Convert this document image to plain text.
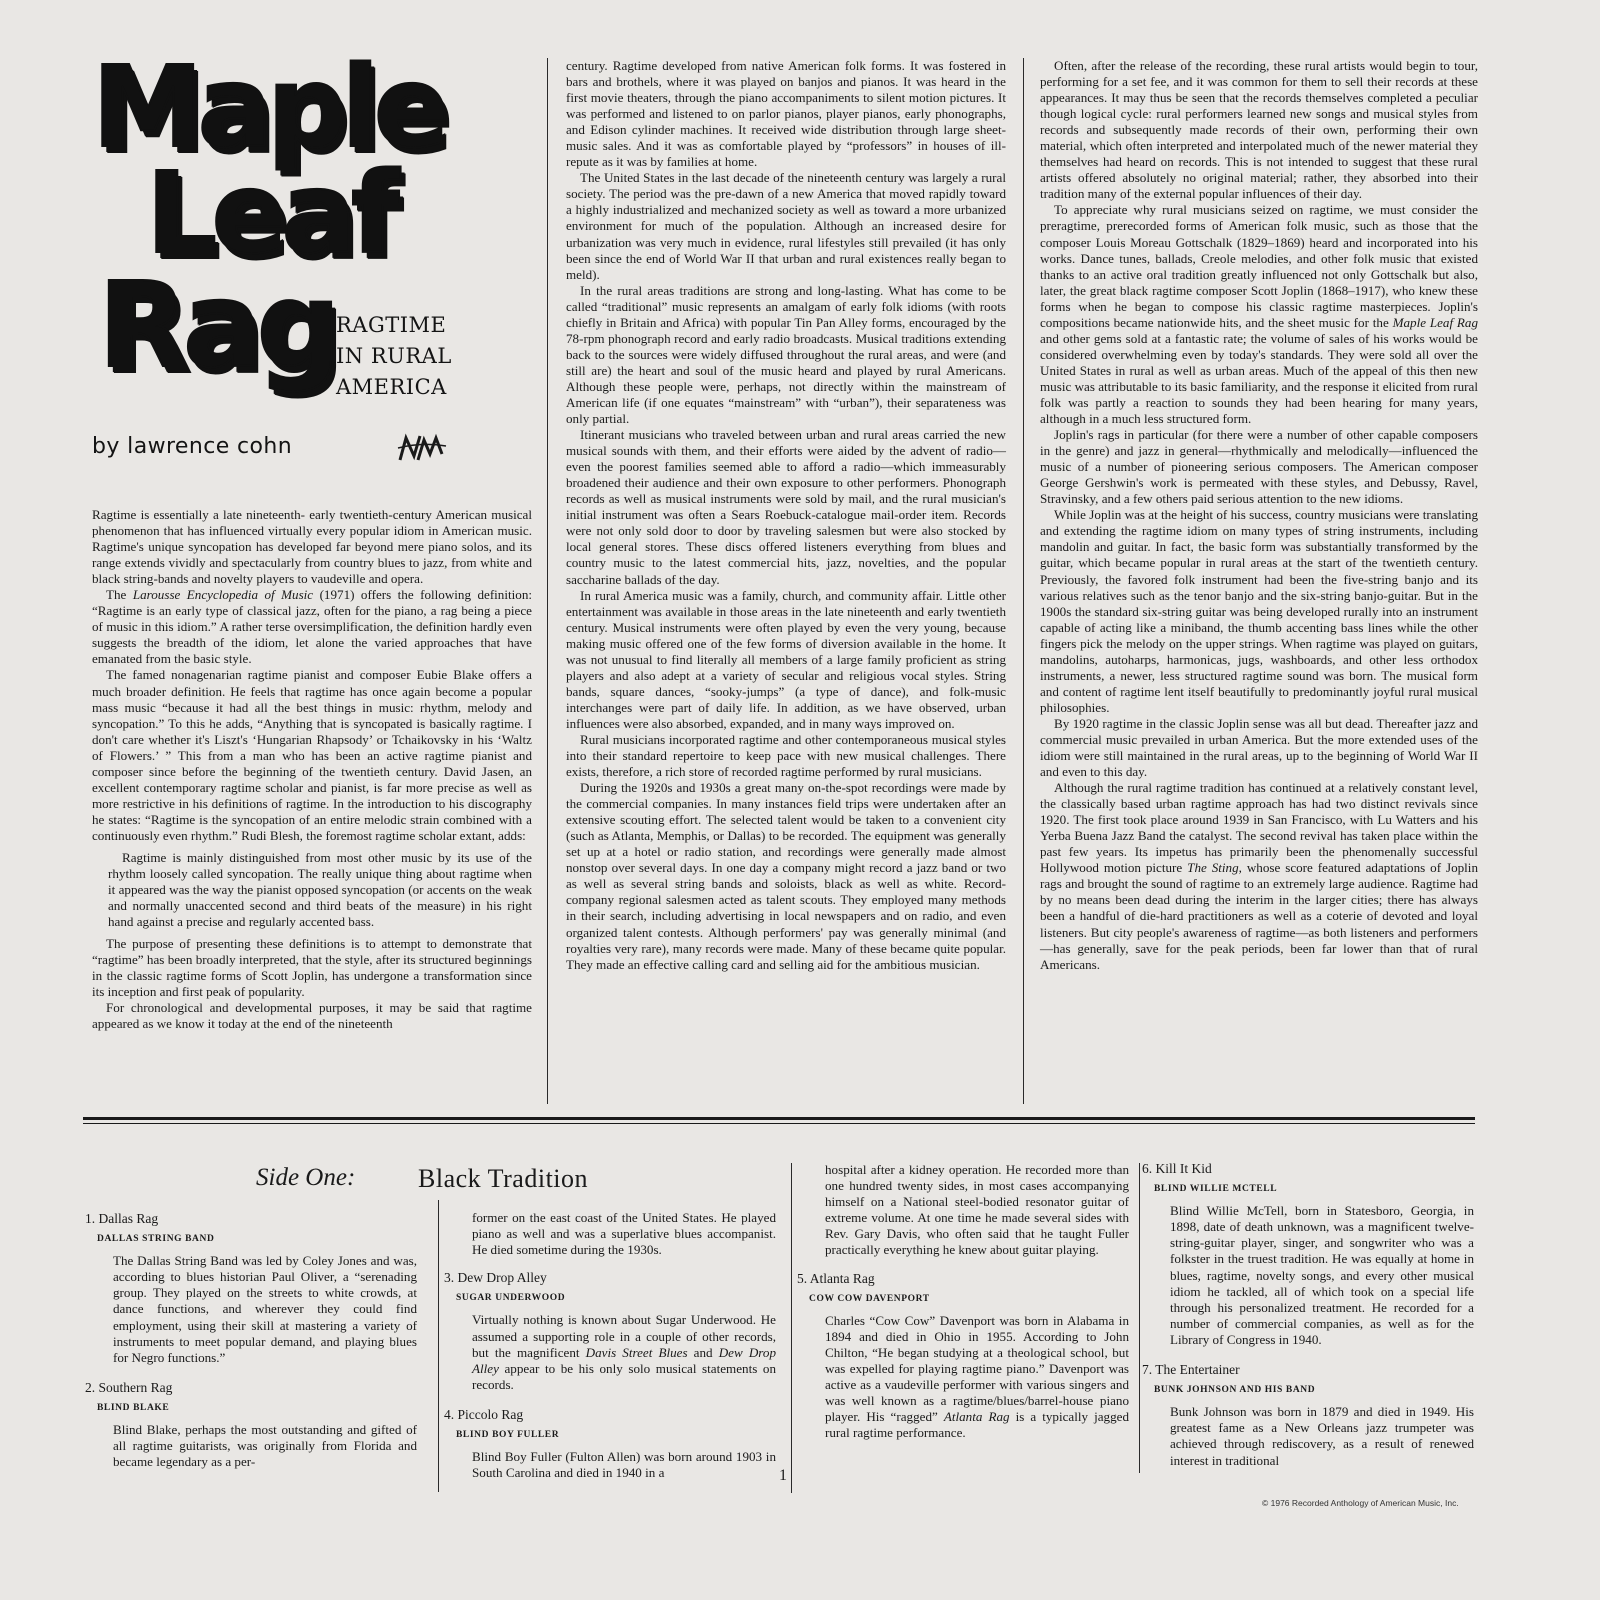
Maple
Leaf
Rag RAGTIME
IN RURAL
AMERICA
by lawrence cohn

Ragtime is essentially a late nineteenth- early twentieth-century American musical phenomenon that has influenced virtually every popular idiom in American music. Ragtime's unique syncopation has developed far beyond mere piano solos, and its range extends vividly and spectacularly from country blues to jazz, from white and black string-bands and novelty players to vaudeville and opera.

The Larousse Encyclopedia of Music (1971) offers the following definition: “Ragtime is an early type of classical jazz, often for the piano, a rag being a piece of music in this idiom.” A rather terse oversimplification, the definition hardly even suggests the breadth of the idiom, let alone the varied approaches that have emanated from the basic style.

The famed nonagenarian ragtime pianist and composer Eubie Blake offers a much broader definition. He feels that ragtime has once again become a popular mass music “because it had all the best things in music: rhythm, melody and syncopation.” To this he adds, “Anything that is syncopated is basically ragtime. I don't care whether it's Liszt's ‘Hungarian Rhapsody’ or Tchaikovsky in his ‘Waltz of Flowers.’ ” This from a man who has been an active ragtime pianist and composer since before the beginning of the twentieth century. David Jasen, an excellent contemporary ragtime scholar and pianist, is far more precise as well as more restrictive in his definitions of ragtime. In the introduction to his discography he states: “Ragtime is the syncopation of an entire melodic strain combined with a continuously even rhythm.” Rudi Blesh, the foremost ragtime scholar extant, adds:

Ragtime is mainly distinguished from most other music by its use of the rhythm loosely called syncopation. The really unique thing about ragtime when it appeared was the way the pianist opposed syncopation (or accents on the weak and normally unaccented second and third beats of the measure) in his right hand against a precise and regularly accented bass.

The purpose of presenting these definitions is to attempt to demonstrate that “ragtime” has been broadly interpreted, that the style, after its structured beginnings in the classic ragtime forms of Scott Joplin, has undergone a transformation since its inception and first peak of popularity.

For chronological and developmental purposes, it may be said that ragtime appeared as we know it today at the end of the nineteenth

century. Ragtime developed from native American folk forms. It was fostered in bars and brothels, where it was played on banjos and pianos. It was heard in the first movie theaters, through the piano accompaniments to silent motion pictures. It was performed and listened to on parlor pianos, player pianos, early phonographs, and Edison cylinder machines. It received wide distribution through large sheet-music sales. And it was as comfortable played by “professors” in houses of ill-repute as it was by families at home.

The United States in the last decade of the nineteenth century was largely a rural society. The period was the pre-dawn of a new America that moved rapidly toward a highly industrialized and mechanized society as well as toward a more urbanized environment for much of the population. Although an increased desire for urbanization was very much in evidence, rural lifestyles still prevailed (it has only been since the end of World War II that urban and rural existences really began to meld).

In the rural areas traditions are strong and long-lasting. What has come to be called “traditional” music represents an amalgam of early folk idioms (with roots chiefly in Britain and Africa) with popular Tin Pan Alley forms, encouraged by the 78-rpm phonograph record and early radio broadcasts. Musical traditions extending back to the sources were widely diffused throughout the rural areas, and were (and still are) the heart and soul of the music heard and played by rural Americans. Although these people were, perhaps, not directly within the mainstream of American life (if one equates “mainstream” with “urban”), their separateness was only partial.

Itinerant musicians who traveled between urban and rural areas carried the new musical sounds with them, and their efforts were aided by the advent of radio—even the poorest families seemed able to afford a radio—which immeasurably broadened their audience and their own exposure to other performers. Phonograph records as well as musical instruments were sold by mail, and the rural musician's initial instrument was often a Sears Roebuck-catalogue mail-order item. Records were not only sold door to door by traveling salesmen but were also stocked by local general stores. These discs offered listeners everything from blues and country music to the latest commercial hits, jazz, novelties, and the popular saccharine ballads of the day.

In rural America music was a family, church, and community affair. Little other entertainment was available in those areas in the late nineteenth and early twentieth century. Musical instruments were often played by even the very young, because making music offered one of the few forms of diversion available in the home. It was not unusual to find literally all members of a large family proficient as string players and also adept at a variety of secular and religious vocal styles. String bands, square dances, “sooky-jumps” (a type of dance), and folk-music interchanges were part of daily life. In addition, as we have observed, urban influences were also absorbed, expanded, and in many ways improved on.

Rural musicians incorporated ragtime and other contemporaneous musical styles into their standard repertoire to keep pace with new musical challenges. There exists, therefore, a rich store of recorded ragtime performed by rural musicians.

During the 1920s and 1930s a great many on-the-spot recordings were made by the commercial companies. In many instances field trips were undertaken after an extensive scouting effort. The selected talent would be taken to a convenient city (such as Atlanta, Memphis, or Dallas) to be recorded. The equipment was generally set up at a hotel or radio station, and recordings were generally made almost nonstop over several days. In one day a company might record a jazz band or two as well as several string bands and soloists, black as well as white. Record-company regional salesmen acted as talent scouts. They employed many methods in their search, including advertising in local newspapers and on radio, and even organized talent contests. Although performers' pay was generally minimal (and royalties very rare), many records were made. Many of these became quite popular. They made an effective calling card and selling aid for the ambitious musician.

Often, after the release of the recording, these rural artists would begin to tour, performing for a set fee, and it was common for them to sell their records at these appearances. It may thus be seen that the records themselves completed a peculiar though logical cycle: rural performers learned new songs and musical styles from records and subsequently made records of their own, performing their own material, which often interpreted and interpolated much of the newer material they themselves had heard on records. This is not intended to suggest that these rural artists offered absolutely no original material; rather, they absorbed into their tradition many of the external popular influences of their day.

To appreciate why rural musicians seized on ragtime, we must consider the preragtime, prerecorded forms of American folk music, such as those that the composer Louis Moreau Gottschalk (1829–1869) heard and incorporated into his works. Dance tunes, ballads, Creole melodies, and other folk music that existed thanks to an active oral tradition greatly influenced not only Gottschalk but also, later, the great black ragtime composer Scott Joplin (1868–1917), who knew these forms when he began to compose his classic ragtime masterpieces. Joplin's compositions became nationwide hits, and the sheet music for the Maple Leaf Rag and other gems sold at a fantastic rate; the volume of sales of his works would be considered overwhelming even by today's standards. They were sold all over the United States in rural as well as urban areas. Much of the appeal of this then new music was attributable to its basic familiarity, and the response it elicited from rural folk was partly a reaction to sounds they had been hearing for many years, although in a much less structured form.

Joplin's rags in particular (for there were a number of other capable composers in the genre) and jazz in general—rhythmically and melodically—influenced the music of a number of pioneering serious composers. The American composer George Gershwin's work is permeated with these styles, and Debussy, Ravel, Stravinsky, and a few others paid serious attention to the new idioms.

While Joplin was at the height of his success, country musicians were translating and extending the ragtime idiom on many types of string instruments, including mandolin and guitar. In fact, the basic form was substantially transformed by the guitar, which became popular in rural areas at the start of the twentieth century. Previously, the favored folk instrument had been the five-string banjo and its various relatives such as the tenor banjo and the six-string banjo-guitar. But in the 1900s the standard six-string guitar was being developed rurally into an instrument capable of acting like a miniband, the thumb accenting bass lines while the other fingers pick the melody on the upper strings. When ragtime was played on guitars, mandolins, autoharps, harmonicas, jugs, washboards, and other less orthodox instruments, a newer, less structured ragtime sound was born. The musical form and content of ragtime lent itself beautifully to predominantly joyful rural musical philosophies.

By 1920 ragtime in the classic Joplin sense was all but dead. Thereafter jazz and commercial music prevailed in urban America. But the more extended uses of the idiom were still maintained in the rural areas, up to the beginning of World War II and even to this day.

Although the rural ragtime tradition has continued at a relatively constant level, the classically based urban ragtime approach has had two distinct revivals since 1920. The first took place around 1939 in San Francisco, with Lu Watters and his Yerba Buena Jazz Band the catalyst. The second revival has taken place within the past few years. Its impetus has primarily been the phenomenally successful Hollywood motion picture The Sting, whose score featured adaptations of Joplin rags and brought the sound of ragtime to an extremely large audience. Ragtime had by no means been dead during the interim in the larger cities; there has always been a handful of die-hard practitioners as well as a coterie of devoted and loyal listeners. But city people's awareness of ragtime—as both listeners and performers—has generally, save for the peak periods, been far lower than that of rural Americans.

Side One: Black Tradition

1. Dallas Rag

DALLAS STRING BAND

The Dallas String Band was led by Coley Jones and was, according to blues historian Paul Oliver, a “serenading group. They played on the streets to white crowds, at dance functions, and wherever they could find employment, using their skill at mastering a variety of instruments to meet popular demand, and playing blues for Negro functions.”

2. Southern Rag

BLIND BLAKE

Blind Blake, perhaps the most outstanding and gifted of all ragtime guitarists, was originally from Florida and became legendary as a per-

former on the east coast of the United States. He played piano as well and was a superlative blues accompanist. He died sometime during the 1930s.

3. Dew Drop Alley

SUGAR UNDERWOOD

Virtually nothing is known about Sugar Underwood. He assumed a supporting role in a couple of other records, but the magnificent Davis Street Blues and Dew Drop Alley appear to be his only solo musical statements on records.

4. Piccolo Rag

BLIND BOY FULLER

Blind Boy Fuller (Fulton Allen) was born around 1903 in South Carolina and died in 1940 in a

hospital after a kidney operation. He recorded more than one hundred twenty sides, in most cases accompanying himself on a National steel-bodied resonator guitar of extreme volume. At one time he made several sides with Rev. Gary Davis, who often said that he taught Fuller practically everything he knew about guitar playing.

5. Atlanta Rag

COW COW DAVENPORT

Charles “Cow Cow” Davenport was born in Alabama in 1894 and died in Ohio in 1955. According to John Chilton, “He began studying at a theological school, but was expelled for playing ragtime piano.” Davenport was active as a vaudeville performer with various singers and was well known as a ragtime/blues/barrel-house piano player. His “ragged” Atlanta Rag is a typically jagged rural ragtime performance.

6. Kill It Kid

BLIND WILLIE MCTELL

Blind Willie McTell, born in Statesboro, Georgia, in 1898, date of death unknown, was a magnificent twelve-string-guitar player, singer, and songwriter who was a folkster in the truest tradition. He was equally at home in blues, ragtime, novelty songs, and every other musical idiom he tackled, all of which took on a special life through his personalized treatment. He recorded for a number of commercial companies, as well as for the Library of Congress in 1940.

7. The Entertainer

BUNK JOHNSON AND HIS BAND

Bunk Johnson was born in 1879 and died in 1949. His greatest fame as a New Orleans jazz trumpeter was achieved through rediscovery, as a result of renewed interest in traditional

1
© 1976 Recorded Anthology of American Music, Inc.
